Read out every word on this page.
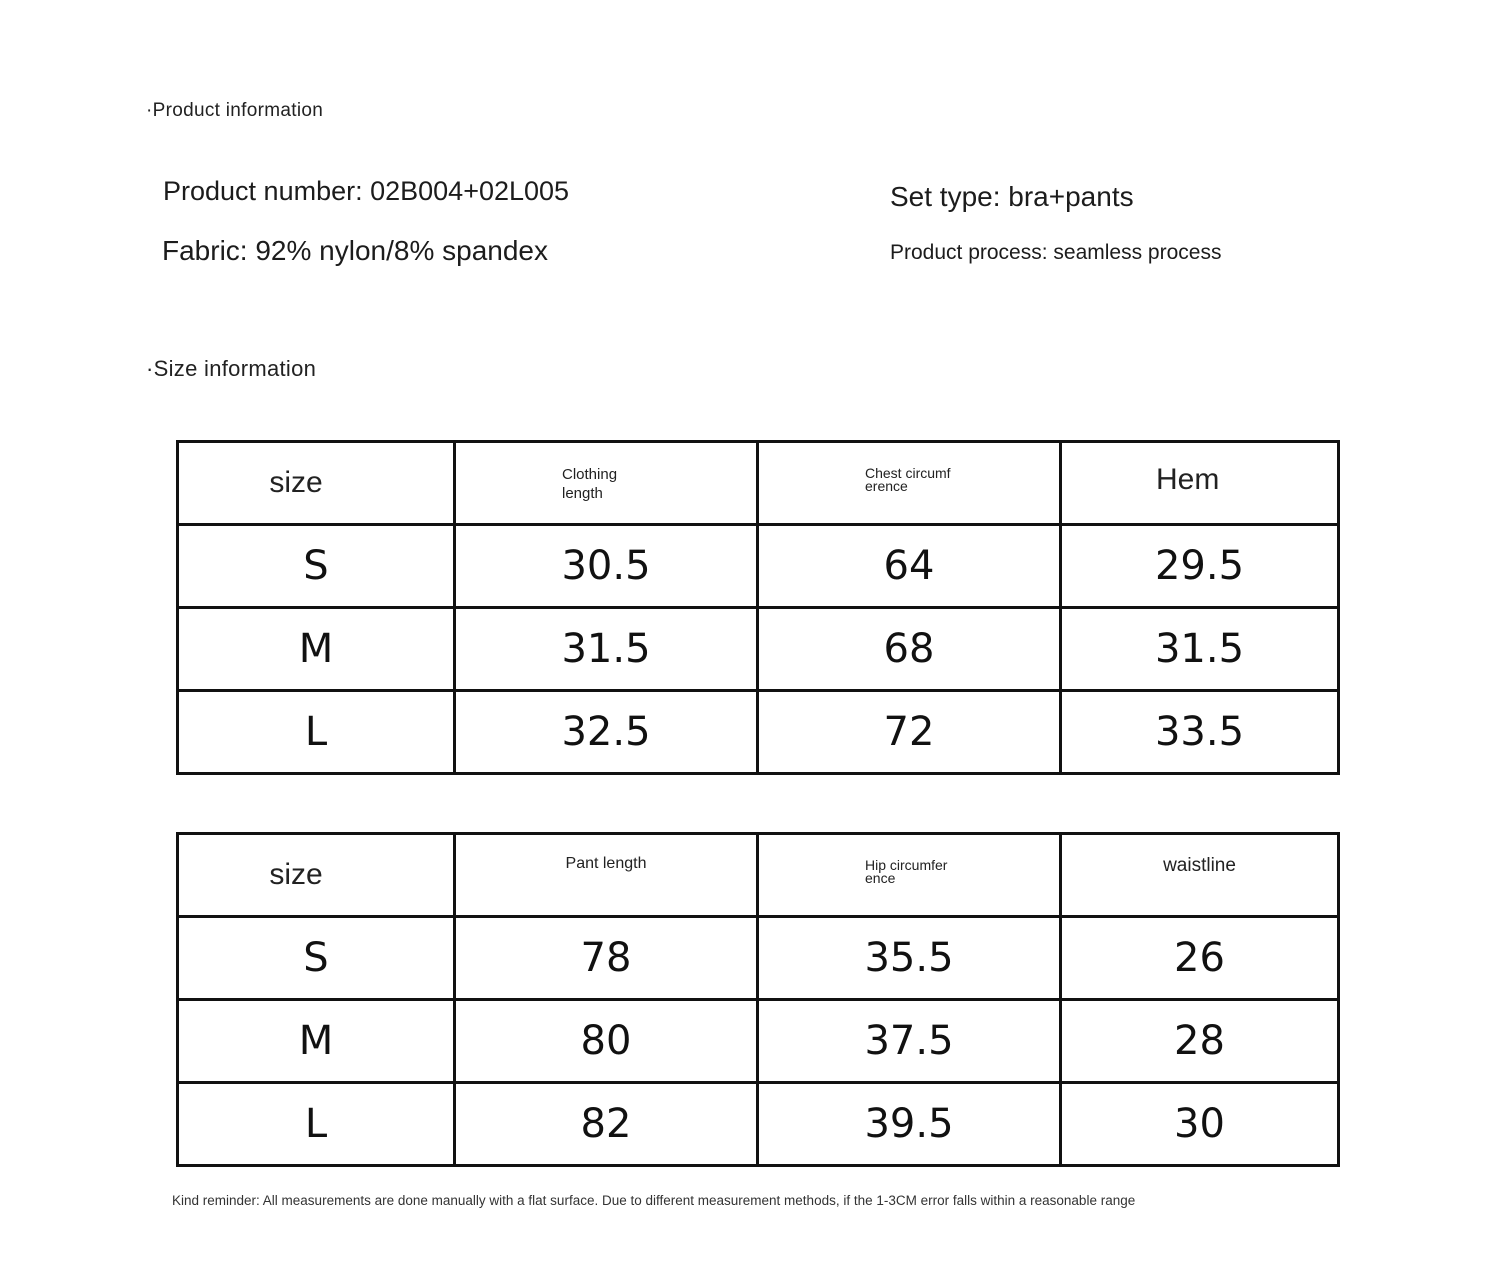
·Product information
Product number: 02B004+02L005
Fabric: 92% nylon/8% spandex
Set type: bra+pants
Product process: seamless process
·Size information
size	Clothing length	Chest circumference	Hem

S	30.5	64	29.5
M	31.5	68	31.5
L	32.5	72	33.5
size	Pant length	Hip circumference	waistline

S	78	35.5	26
M	80	37.5	28
L	82	39.5	30
Kind reminder: All measurements are done manually with a flat surface. Due to different measurement methods, if the 1-3CM error falls within a reasonable range
